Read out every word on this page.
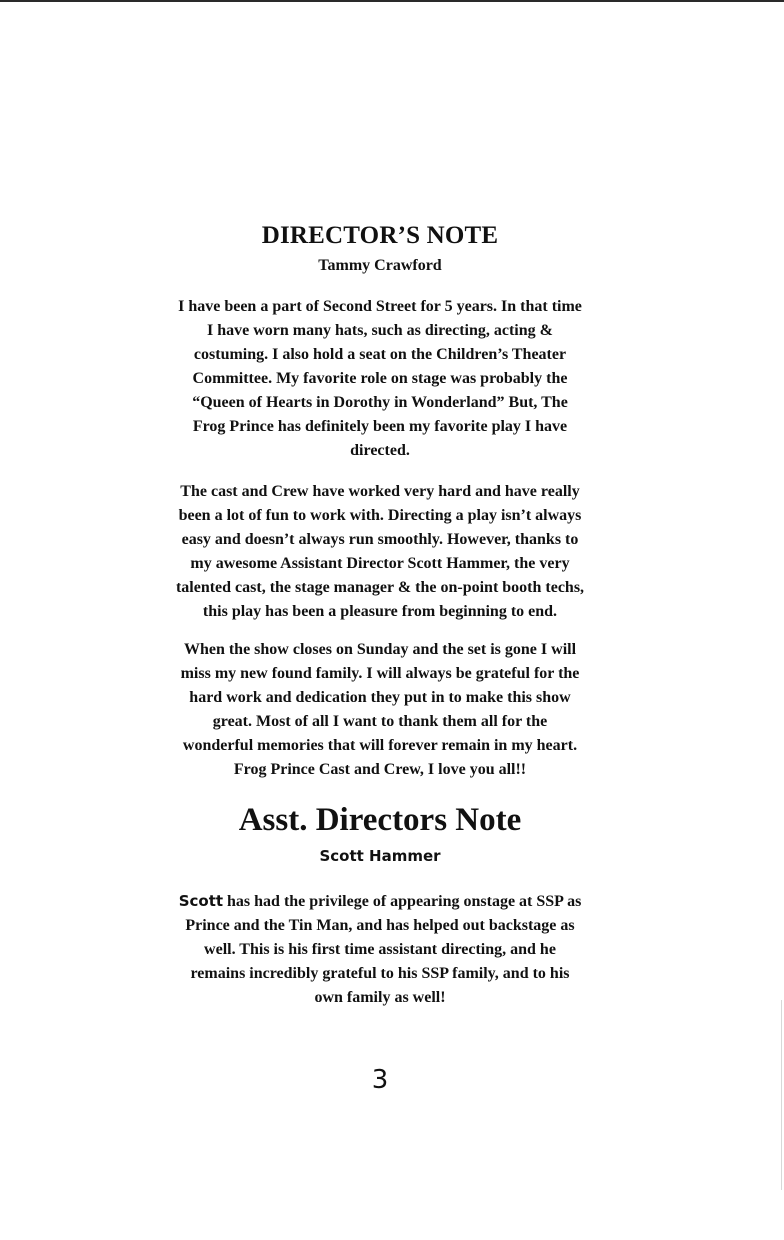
DIRECTOR’S NOTE
Tammy Crawford
I have been a part of Second Street for 5 years. In that time
I have worn many hats, such as directing, acting &
costuming. I also hold a seat on the Children’s Theater
Committee. My favorite role on stage was probably the
“Queen of Hearts in Dorothy in Wonderland” But, The
Frog Prince has definitely been my favorite play I have
directed.
The cast and Crew have worked very hard and have really
been a lot of fun to work with. Directing a play isn’t always
easy and doesn’t always run smoothly. However, thanks to
my awesome Assistant Director Scott Hammer, the very
talented cast, the stage manager & the on-point booth techs,
this play has been a pleasure from beginning to end.
When the show closes on Sunday and the set is gone I will
miss my new found family. I will always be grateful for the
hard work and dedication they put in to make this show
great. Most of all I want to thank them all for the
wonderful memories that will forever remain in my heart.
Frog Prince Cast and Crew, I love you all!!
Asst. Directors Note
Scott Hammer
Scott has had the privilege of appearing onstage at SSP as
Prince and the Tin Man, and has helped out backstage as
well. This is his first time assistant directing, and he
remains incredibly grateful to his SSP family, and to his
own family as well!
3
